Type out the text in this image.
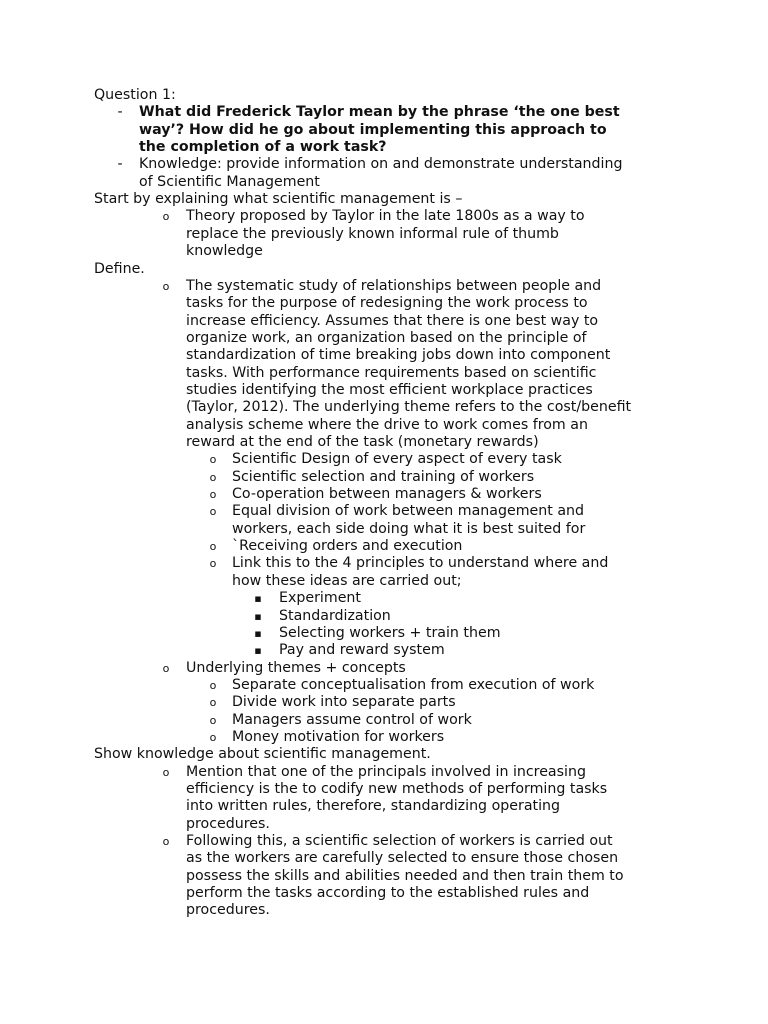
Question 1:
-	What did Frederick Taylor mean by the phrase ‘the one best
way’? How did he go about implementing this approach to
the completion of a work task?
-	Knowledge: provide information on and demonstrate understanding
of Scientific Management
Start by explaining what scientific management is –
o Theory proposed by Taylor in the late 1800s as a way to
replace the previously known informal rule of thumb
knowledge
Define.
o The systematic study of relationships between people and
tasks for the purpose of redesigning the work process to
increase efficiency. Assumes that there is one best way to
organize work, an organization based on the principle of
standardization of time breaking jobs down into component
tasks. With performance requirements based on scientific
studies identifying the most efficient workplace practices
(Taylor, 2012). The underlying theme refers to the cost/benefit
analysis scheme where the drive to work comes from an
reward at the end of the task (monetary rewards)
o Scientific Design of every aspect of every task
o Scientific selection and training of workers
o Co-operation between managers & workers
o Equal division of work between management and
workers, each side doing what it is best suited for
o `Receiving orders and execution
o Link this to the 4 principles to understand where and
how these ideas are carried out;
▪ Experiment
▪ Standardization
▪ Selecting workers + train them
▪ Pay and reward system
o Underlying themes + concepts
o Separate conceptualisation from execution of work
o Divide work into separate parts
o Managers assume control of work
o Money motivation for workers
Show knowledge about scientific management.
o Mention that one of the principals involved in increasing
efficiency is the to codify new methods of performing tasks
into written rules, therefore, standardizing operating
procedures.
o Following this, a scientific selection of workers is carried out
as the workers are carefully selected to ensure those chosen
possess the skills and abilities needed and then train them to
perform the tasks according to the established rules and
procedures.
